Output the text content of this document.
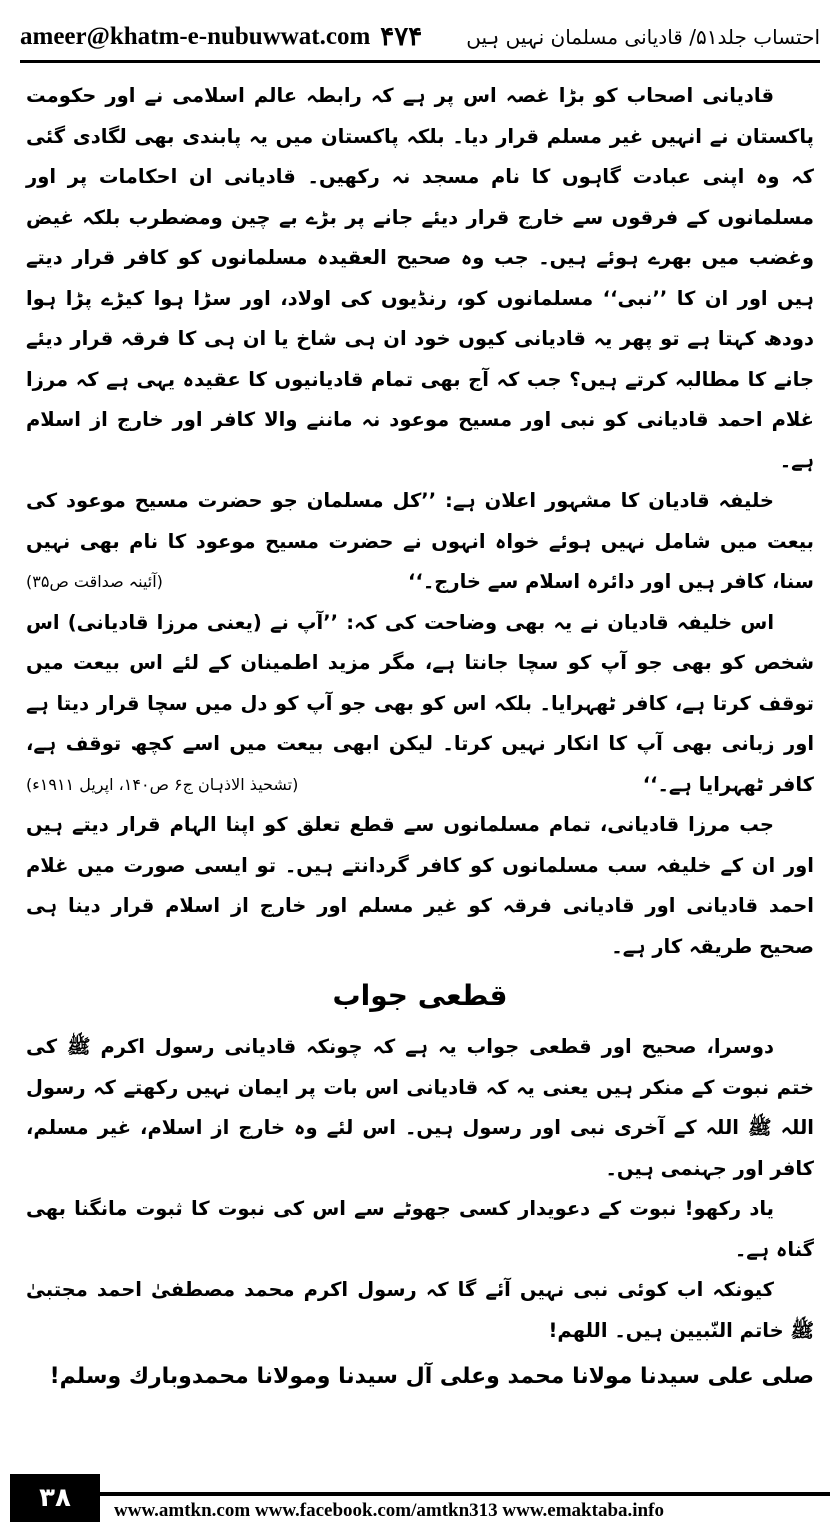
ameer@khatm-e-nubuwwat.com ۴۷۴ احتساب جلد۵۱/ قادیانی مسلمان نہیں ہیں

قادیانی اصحاب کو بڑا غصہ اس پر ہے کہ رابطہ عالم اسلامی نے اور حکومت پاکستان نے انہیں غیر مسلم قرار دیا۔ بلکہ پاکستان میں یہ پابندی بھی لگادی گئی کہ وہ اپنی عبادت گاہوں کا نام مسجد نہ رکھیں۔ قادیانی ان احکامات پر اور مسلمانوں کے فرقوں سے خارج قرار دیئے جانے پر بڑے بے چین ومضطرب بلکہ غیض وغضب میں بھرے ہوئے ہیں۔ جب وہ صحیح العقیدہ مسلمانوں کو کافر قرار دیتے ہیں اور ان کا ’’نبی‘‘ مسلمانوں کو، رنڈیوں کی اولاد، اور سڑا ہوا کیڑے پڑا ہوا دودھ کہتا ہے تو پھر یہ قادیانی کیوں خود ان ہی شاخ یا ان ہی کا فرقہ قرار دیئے جانے کا مطالبہ کرتے ہیں؟ جب کہ آج بھی تمام قادیانیوں کا عقیدہ یہی ہے کہ مرزا غلام احمد قادیانی کو نبی اور مسیح موعود نہ ماننے والا کافر اور خارج از اسلام ہے۔

خلیفہ قادیان کا مشہور اعلان ہے: ’’کل مسلمان جو حضرت مسیح موعود کی بیعت میں شامل نہیں ہوئے خواہ انہوں نے حضرت مسیح موعود کا نام بھی نہیں سنا، کافر ہیں اور دائرہ اسلام سے خارج۔‘‘
(آئینہ صداقت ص۳۵)

اس خلیفہ قادیان نے یہ بھی وضاحت کی کہ: ’’آپ نے (یعنی مرزا قادیانی) اس شخص کو بھی جو آپ کو سچا جانتا ہے، مگر مزید اطمینان کے لئے اس بیعت میں توقف کرتا ہے، کافر ٹھہرایا۔ بلکہ اس کو بھی جو آپ کو دل میں سچا قرار دیتا ہے اور زبانی بھی آپ کا انکار نہیں کرتا۔ لیکن ابھی بیعت میں اسے کچھ توقف ہے، کافر ٹھہرایا ہے۔‘‘
(تشحیذ الاذہان ج۶ ص۱۴۰، اپریل ۱۹۱۱ء)

جب مرزا قادیانی، تمام مسلمانوں سے قطع تعلق کو اپنا الہام قرار دیتے ہیں اور ان کے خلیفہ سب مسلمانوں کو کافر گردانتے ہیں۔ تو ایسی صورت میں غلام احمد قادیانی اور قادیانی فرقہ کو غیر مسلم اور خارج از اسلام قرار دینا ہی صحیح طریقہ کار ہے۔

قطعی جواب

دوسرا، صحیح اور قطعی جواب یہ ہے کہ چونکہ قادیانی رسول اکرم ﷺ کی ختم نبوت کے منکر ہیں یعنی یہ کہ قادیانی اس بات پر ایمان نہیں رکھتے کہ رسول اللہ ﷺ اللہ کے آخری نبی اور رسول ہیں۔ اس لئے وہ خارج از اسلام، غیر مسلم، کافر اور جہنمی ہیں۔

یاد رکھو! نبوت کے دعویدار کسی جھوٹے سے اس کی نبوت کا ثبوت مانگنا بھی گناہ ہے۔

کیونکہ اب کوئی نبی نہیں آئے گا کہ رسول اکرم محمد مصطفیٰ احمد مجتبیٰ ﷺ خاتم النّبیین ہیں۔ اللھم!

صلی علی سیدنا مولانا محمد وعلی آل سیدنا ومولانا محمدوبارك وسلم!

۳۸	www.amtkn.com www.facebook.com/amtkn313 www.emaktaba.info
